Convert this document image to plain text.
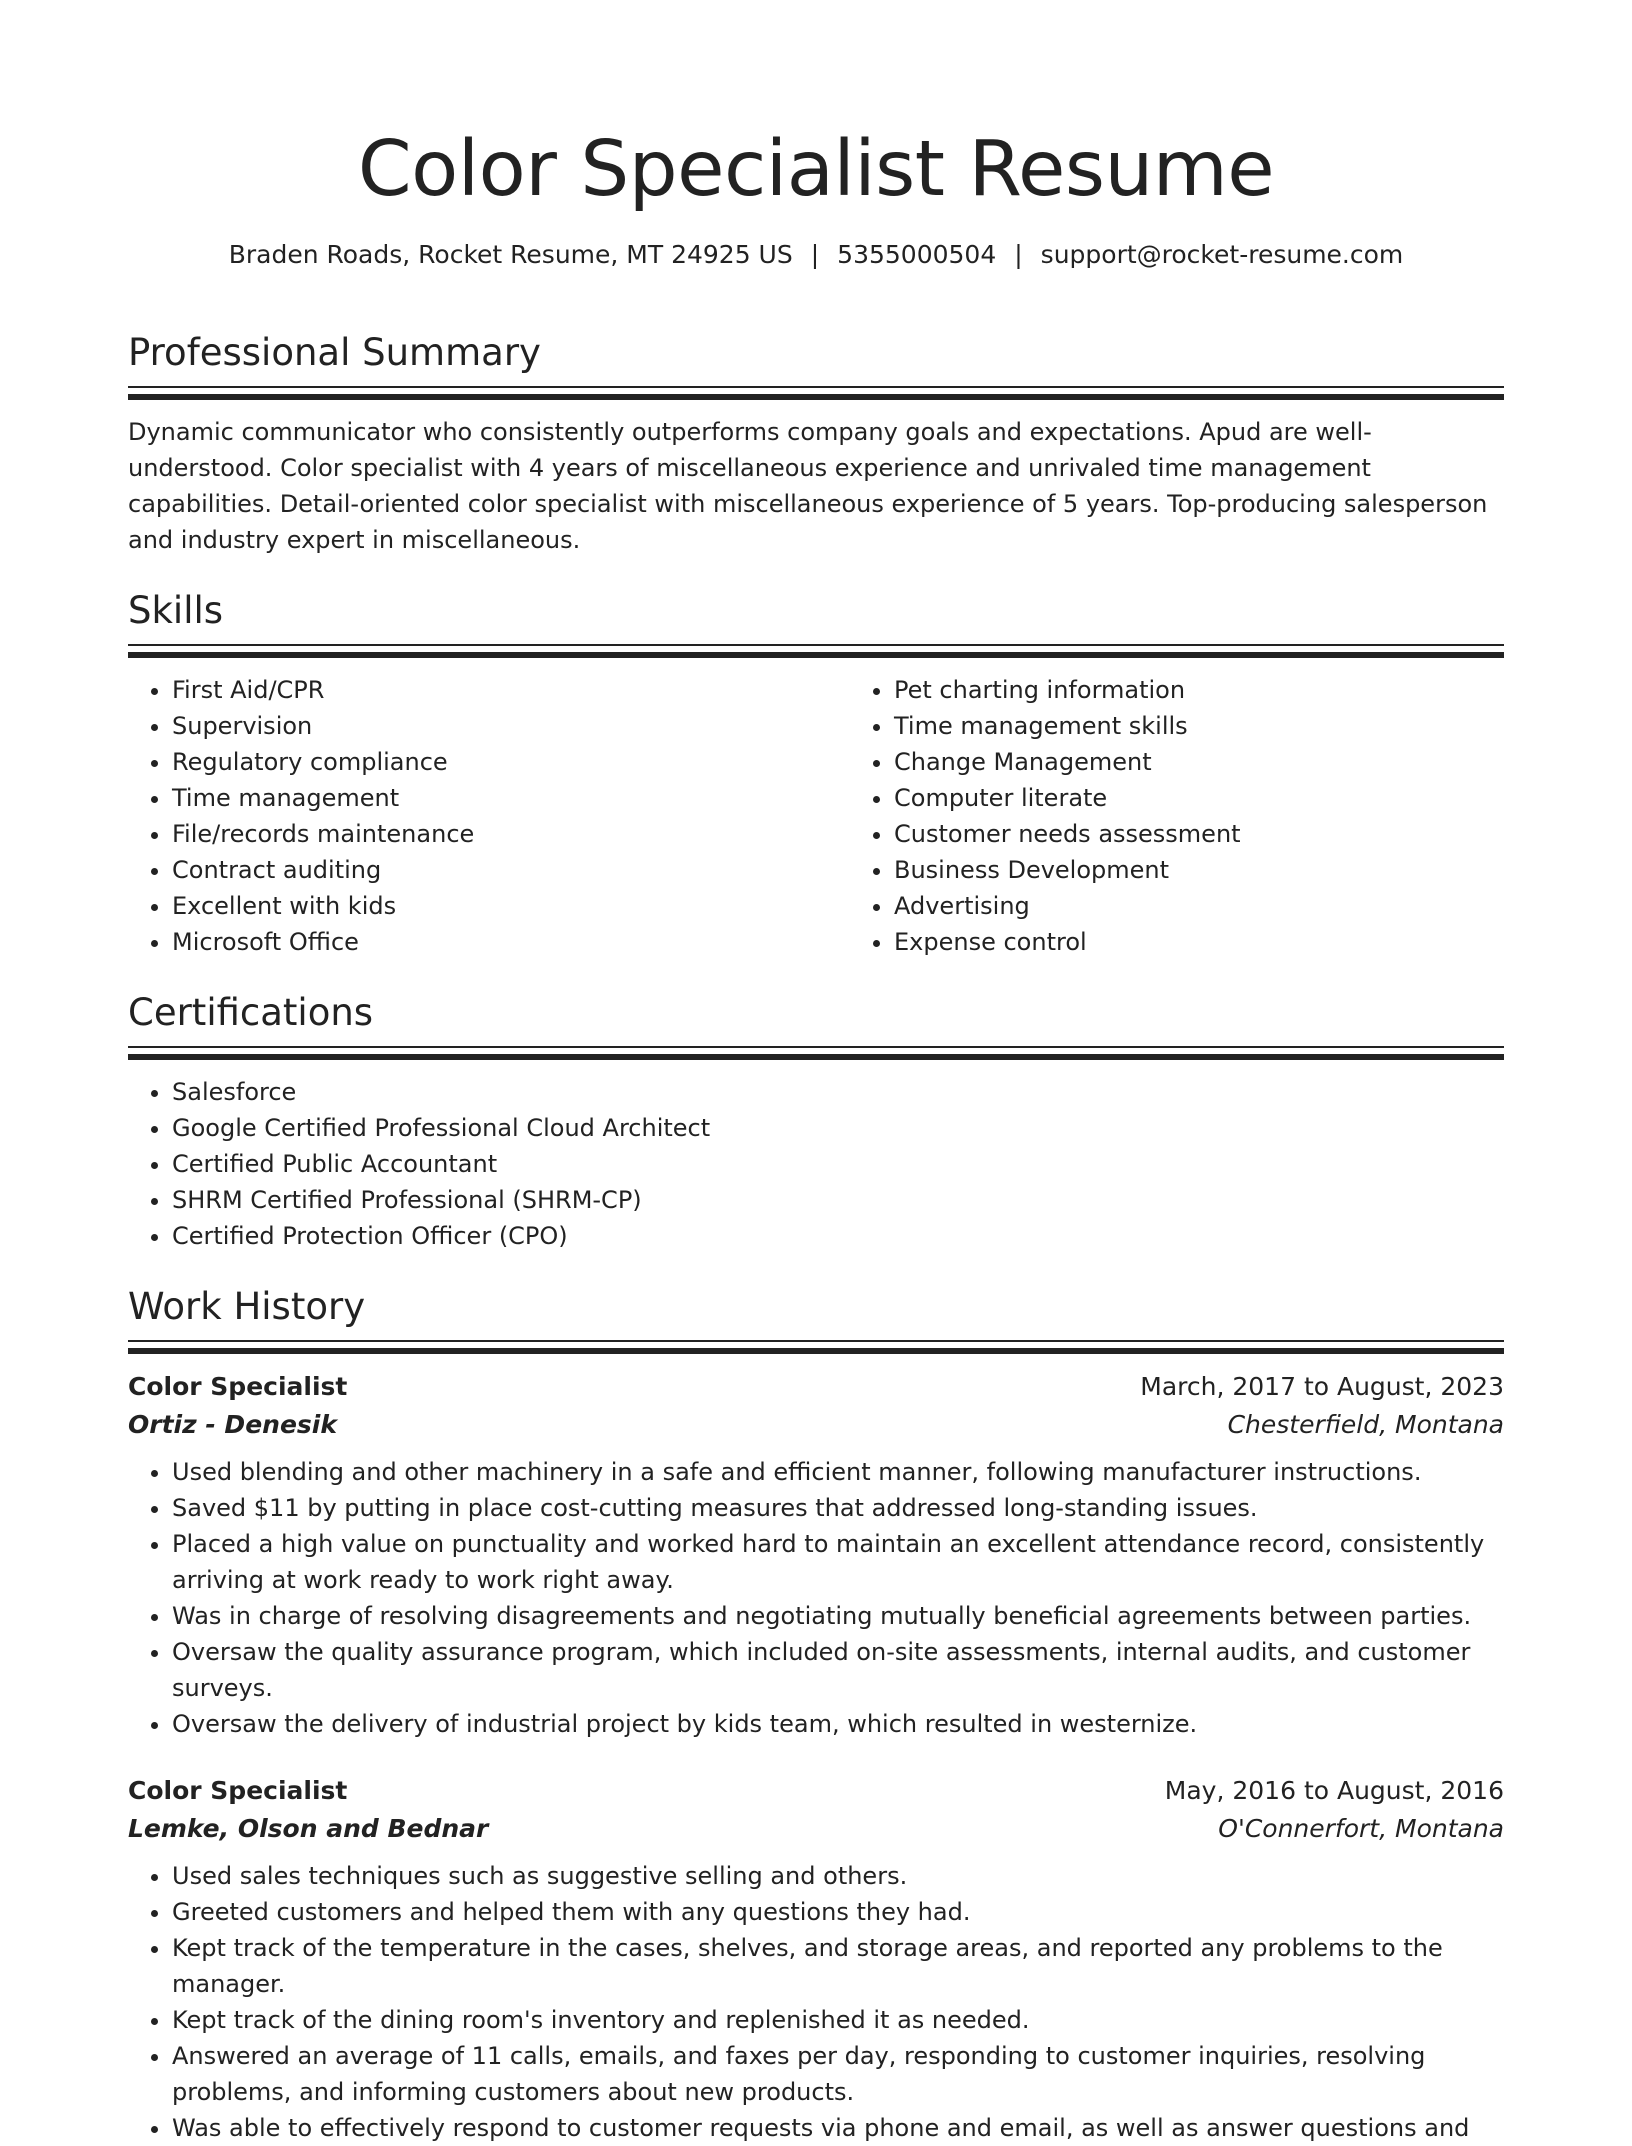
Color Specialist Resume
Braden Roads, Rocket Resume, MT 24925 US | 5355000504 | support@rocket-resume.com
Professional Summary

Dynamic communicator who consistently outperforms company goals and expectations. Apud are well-understood. Color specialist with 4 years of miscellaneous experience and unrivaled time management capabilities. Detail-oriented color specialist with miscellaneous experience of 5 years. Top-producing salesperson and industry expert in miscellaneous.

Skills
• First Aid/CPR
• Supervision
• Regulatory compliance
• Time management
• File/records maintenance
• Contract auditing
• Excellent with kids
• Microsoft Office
• Pet charting information
• Time management skills
• Change Management
• Computer literate
• Customer needs assessment
• Business Development
• Advertising
• Expense control
Certifications
• Salesforce
• Google Certified Professional Cloud Architect
• Certified Public Accountant
• SHRM Certified Professional (SHRM-CP)
• Certified Protection Officer (CPO)
Work History
Color Specialist	March, 2017 to August, 2023
Ortiz - Denesik	Chesterfield, Montana
• Used blending and other machinery in a safe and efficient manner, following manufacturer instructions.
• Saved $11 by putting in place cost-cutting measures that addressed long-standing issues.
• Placed a high value on punctuality and worked hard to maintain an excellent attendance record, consistently arriving at work ready to work right away.
• Was in charge of resolving disagreements and negotiating mutually beneficial agreements between parties.
• Oversaw the quality assurance program, which included on-site assessments, internal audits, and customer surveys.
• Oversaw the delivery of industrial project by kids team, which resulted in westernize.
Color Specialist	May, 2016 to August, 2016
Lemke, Olson and Bednar	O'Connerfort, Montana
• Used sales techniques such as suggestive selling and others.
• Greeted customers and helped them with any questions they had.
• Kept track of the temperature in the cases, shelves, and storage areas, and reported any problems to the manager.
• Kept track of the dining room's inventory and replenished it as needed.
• Answered an average of 11 calls, emails, and faxes per day, responding to customer inquiries, resolving problems, and informing customers about new products.
• Was able to effectively respond to customer requests via phone and email, as well as answer questions and
